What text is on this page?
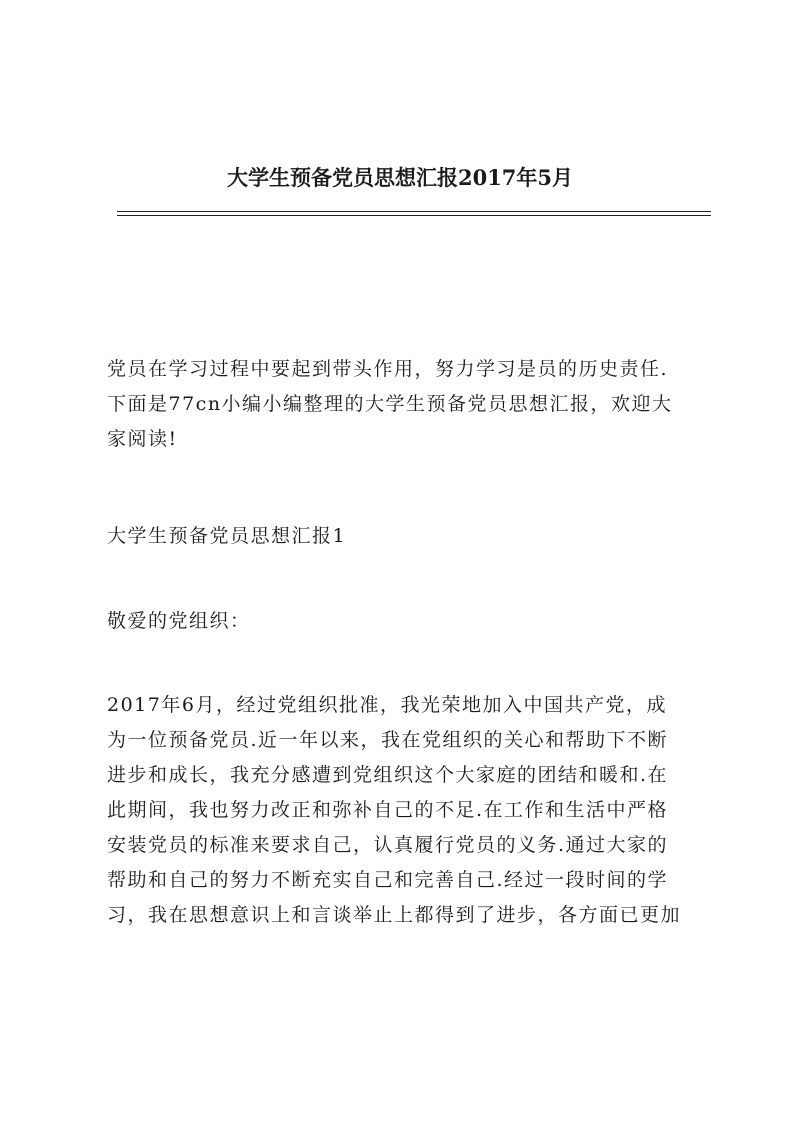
大学生预备党员思想汇报2017年5月
党员在学习过程中要起到带头作用，努力学习是员的历史责任.
下面是77cn小编小编整理的大学生预备党员思想汇报，欢迎大
家阅读!
大学生预备党员思想汇报1
敬爱的党组织：
2017年6月，经过党组织批准，我光荣地加入中国共产党，成
为一位预备党员.近一年以来，我在党组织的关心和帮助下不断
进步和成长，我充分感遭到党组织这个大家庭的团结和暖和.在
此期间，我也努力改正和弥补自己的不足.在工作和生活中严格
安装党员的标准来要求自己，认真履行党员的义务.通过大家的
帮助和自己的努力不断充实自己和完善自己.经过一段时间的学
习，我在思想意识上和言谈举止上都得到了进步，各方面已更加
